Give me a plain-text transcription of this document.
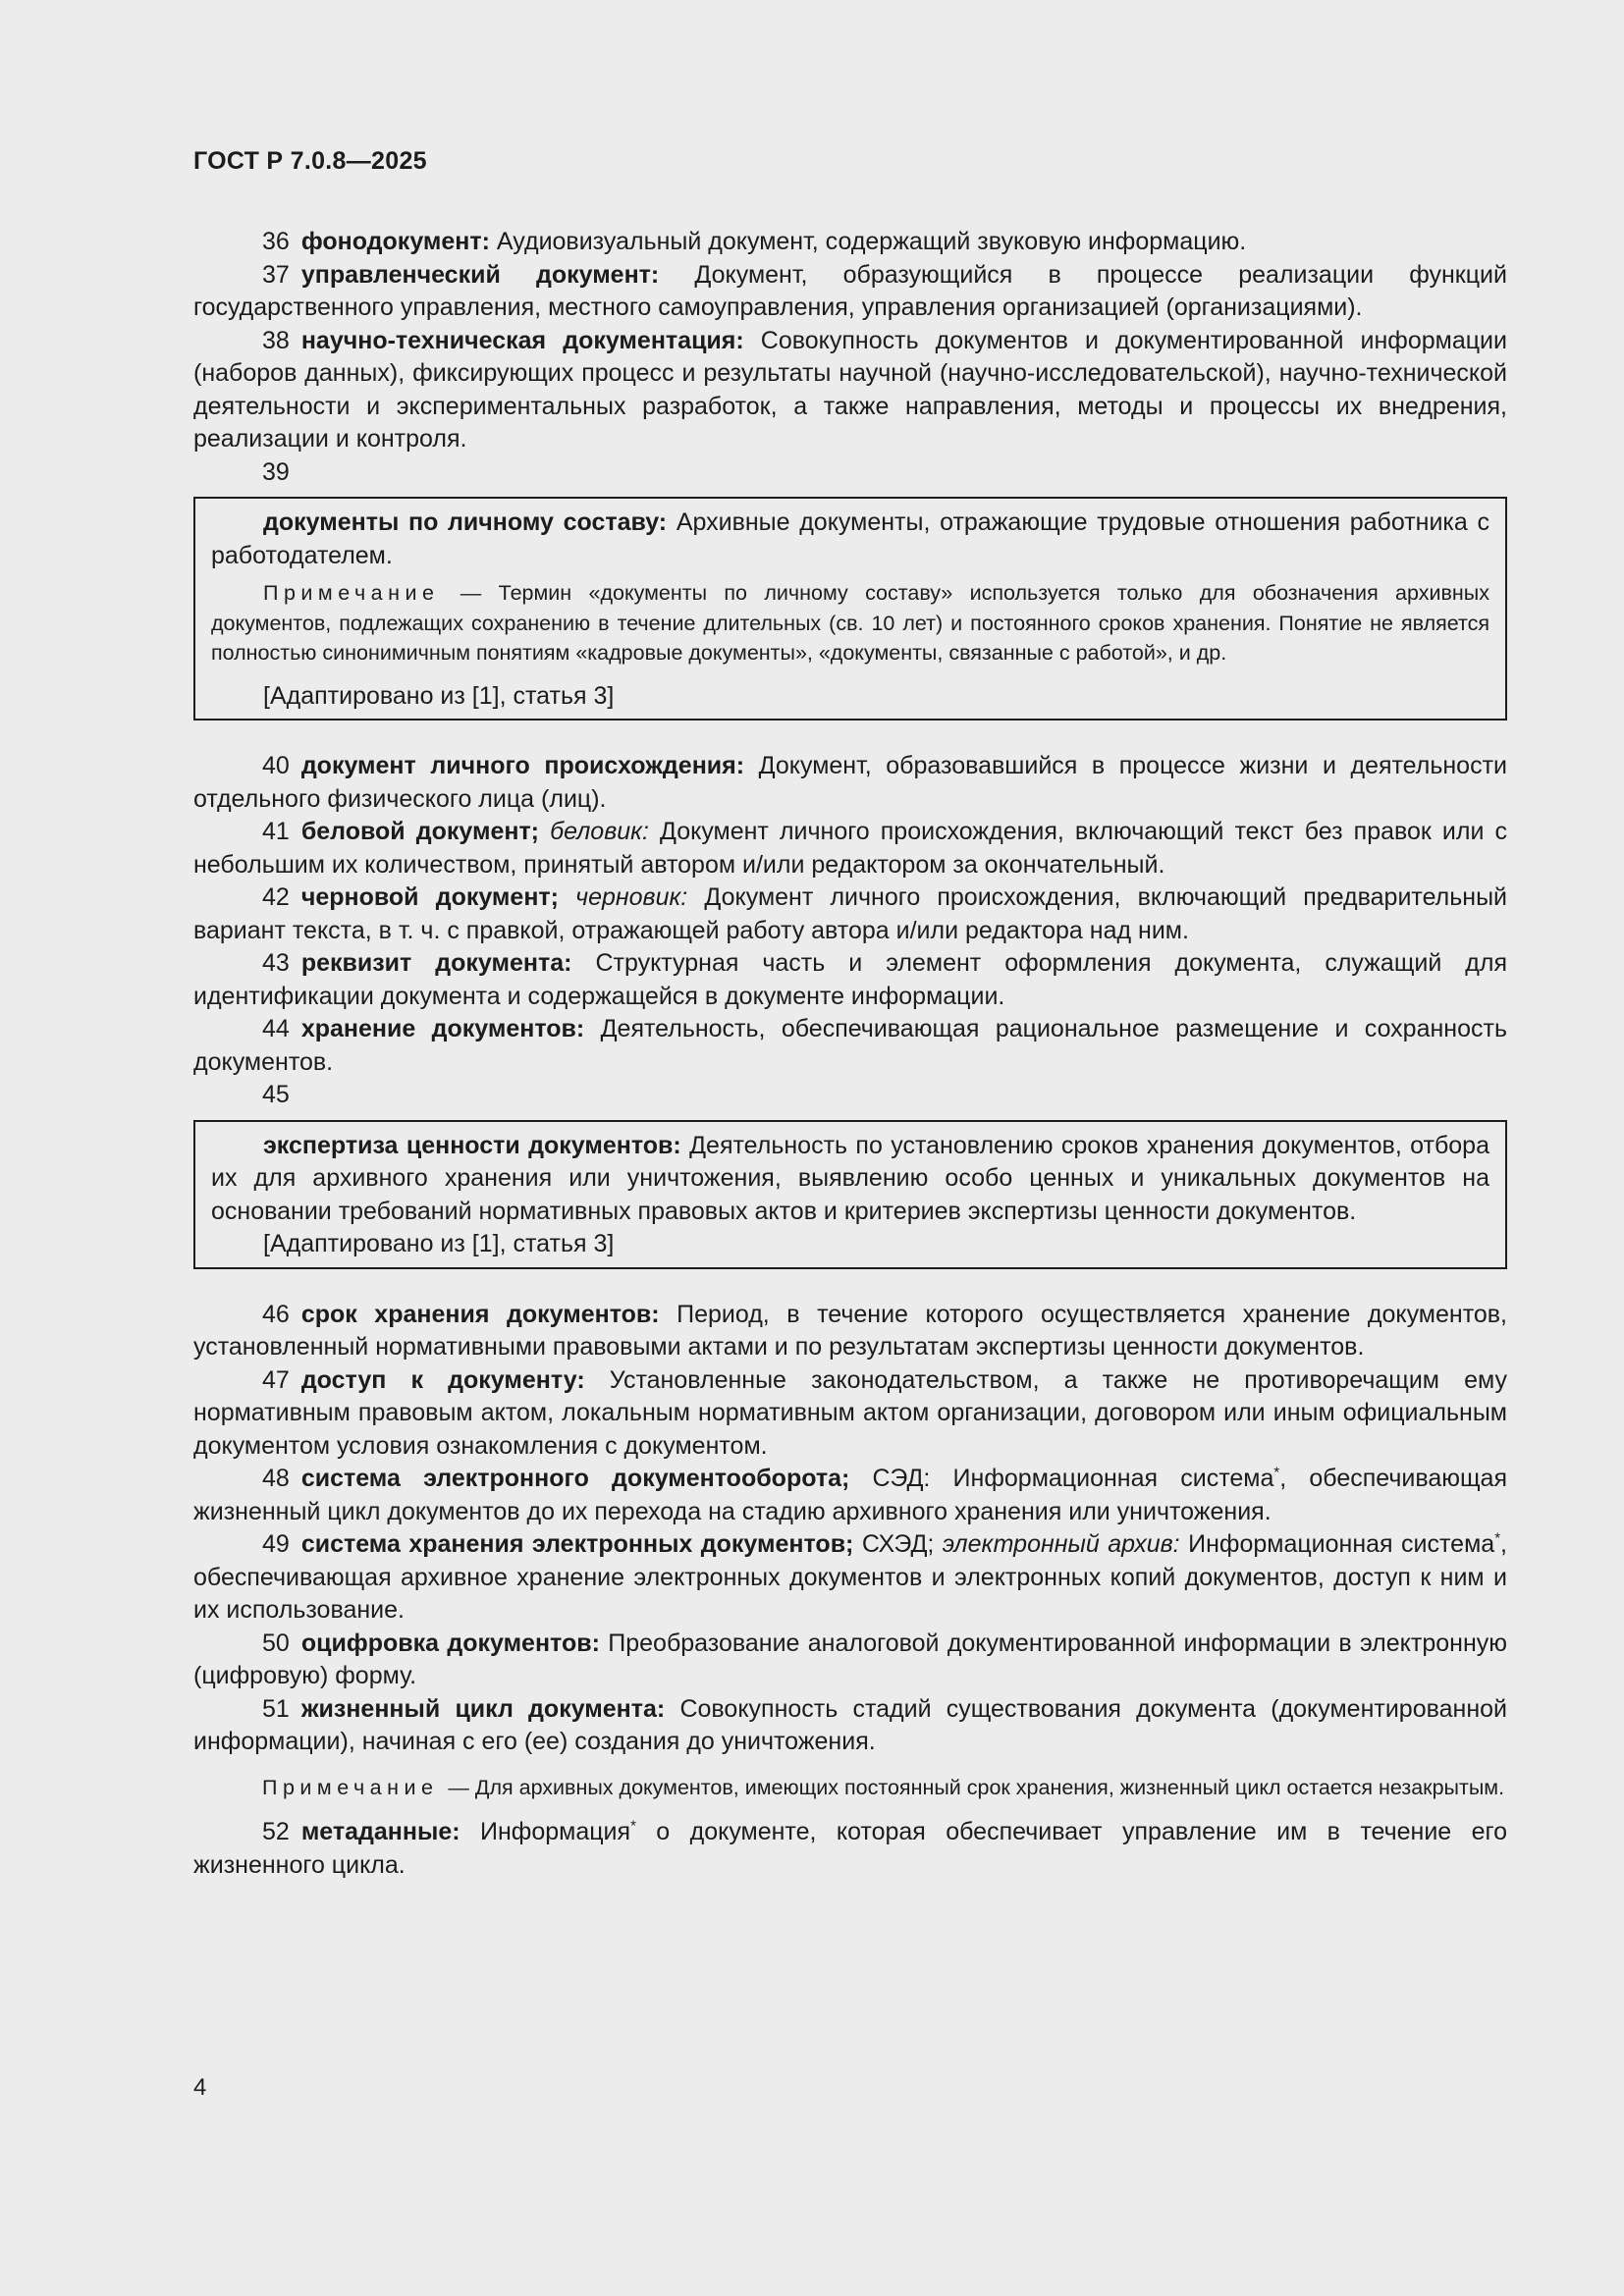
ГОСТ Р 7.0.8—2025

36 фонодокумент: Аудиовизуальный документ, содержащий звуковую информацию.

37 управленческий документ: Документ, образующийся в процессе реализации функций государственного управления, местного самоуправления, управления организацией (организациями).

38 научно-техническая документация: Совокупность документов и документированной информации (наборов данных), фиксирующих процесс и результаты научной (научно-исследовательской), научно-технической деятельности и экспериментальных разработок, а также направления, методы и процессы их внедрения, реализации и контроля.

39

документы по личному составу: Архивные документы, отражающие трудовые отношения работника с работодателем.

Примечание — Термин «документы по личному составу» используется только для обозначения архивных документов, подлежащих сохранению в течение длительных (св. 10 лет) и постоянного сроков хранения. Понятие не является полностью синонимичным понятиям «кадровые документы», «документы, связанные с работой», и др.

[Адаптировано из [1], статья 3]

40 документ личного происхождения: Документ, образовавшийся в процессе жизни и деятельности отдельного физического лица (лиц).

41 беловой документ; беловик: Документ личного происхождения, включающий текст без правок или с небольшим их количеством, принятый автором и/или редактором за окончательный.

42 черновой документ; черновик: Документ личного происхождения, включающий предварительный вариант текста, в т. ч. с правкой, отражающей работу автора и/или редактора над ним.

43 реквизит документа: Структурная часть и элемент оформления документа, служащий для идентификации документа и содержащейся в документе информации.

44 хранение документов: Деятельность, обеспечивающая рациональное размещение и сохранность документов.

45

экспертиза ценности документов: Деятельность по установлению сроков хранения документов, отбора их для архивного хранения или уничтожения, выявлению особо ценных и уникальных документов на основании требований нормативных правовых актов и критериев экспертизы ценности документов.

[Адаптировано из [1], статья 3]

46 срок хранения документов: Период, в течение которого осуществляется хранение документов, установленный нормативными правовыми актами и по результатам экспертизы ценности документов.

47 доступ к документу: Установленные законодательством, а также не противоречащим ему нормативным правовым актом, локальным нормативным актом организации, договором или иным официальным документом условия ознакомления с документом.

48 система электронного документооборота; СЭД: Информационная система*, обеспечивающая жизненный цикл документов до их перехода на стадию архивного хранения или уничтожения.

49 система хранения электронных документов; СХЭД; электронный архив: Информационная система*, обеспечивающая архивное хранение электронных документов и электронных копий документов, доступ к ним и их использование.

50 оцифровка документов: Преобразование аналоговой документированной информации в электронную (цифровую) форму.

51 жизненный цикл документа: Совокупность стадий существования документа (документированной информации), начиная с его (ее) создания до уничтожения.

Примечание — Для архивных документов, имеющих постоянный срок хранения, жизненный цикл остается незакрытым.

52 метаданные: Информация* о документе, которая обеспечивает управление им в течение его жизненного цикла.

4
